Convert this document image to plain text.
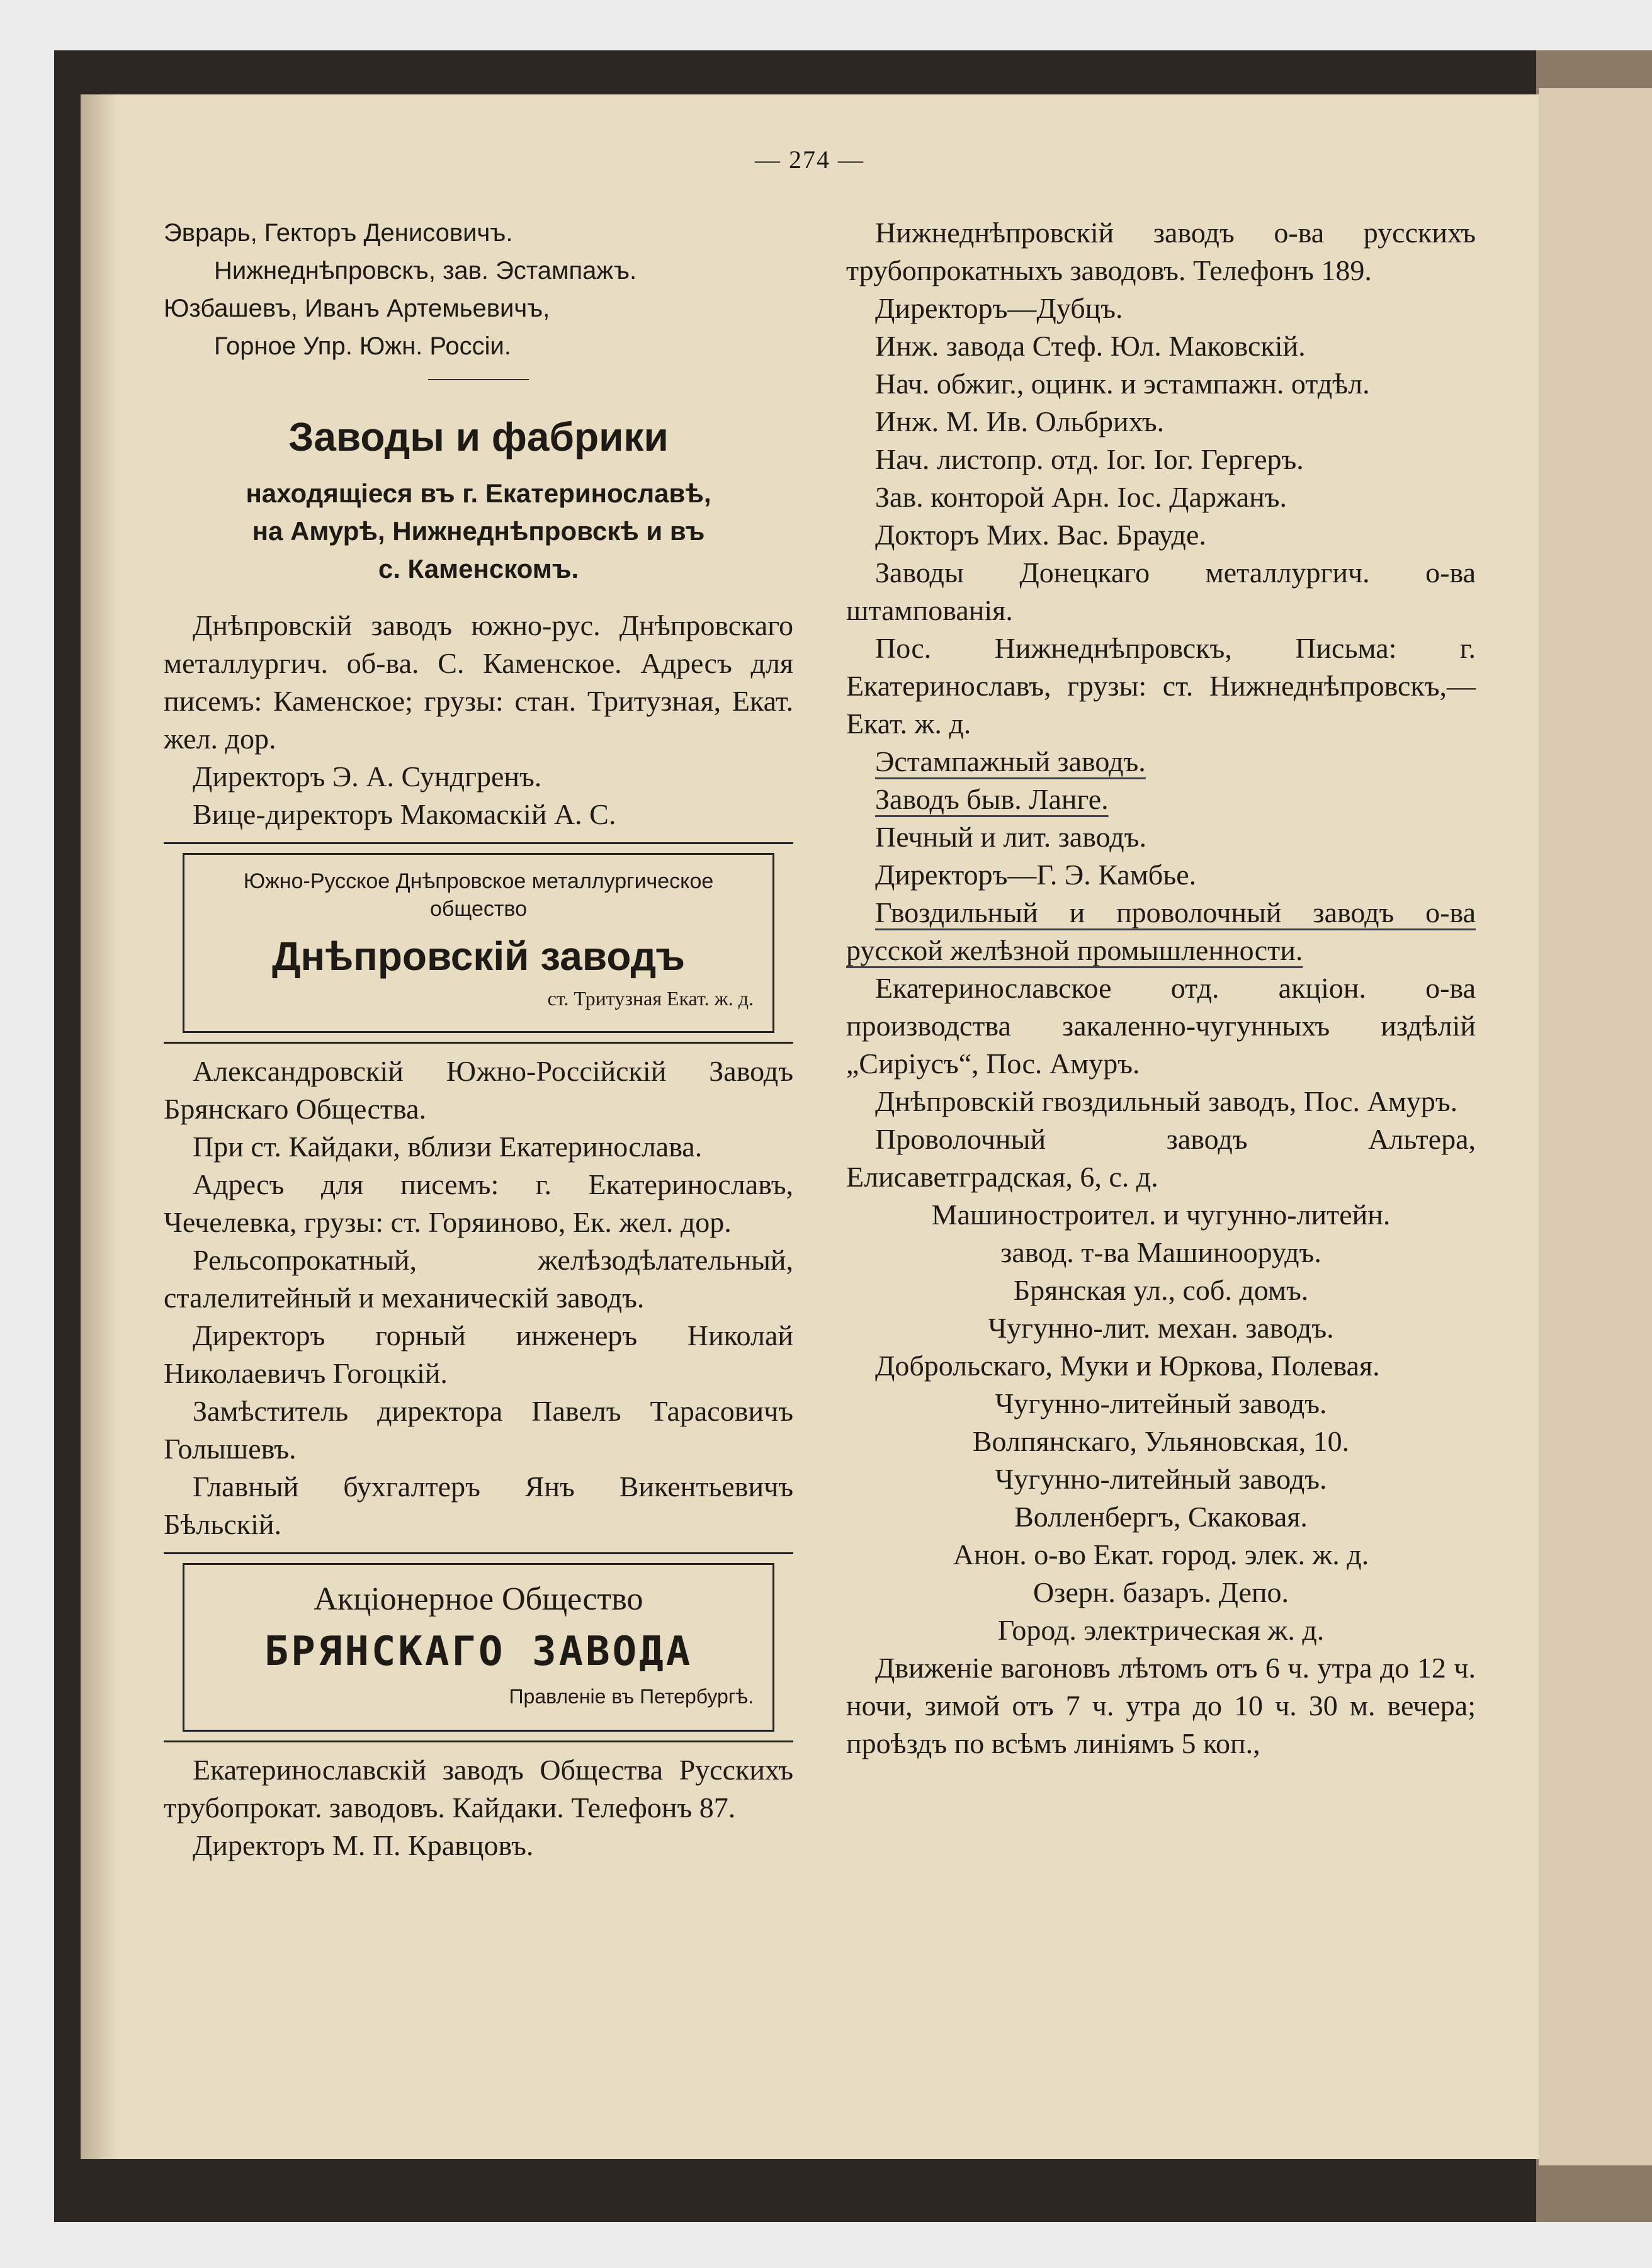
— 274 —

Эврарь, Гекторъ Денисовичъ.

Нижнеднѣпровскъ, зав. Эстампажъ.

Юзбашевъ, Иванъ Артемьевичъ,

Горное Упр. Южн. Россіи.

Заводы и фабрики
находящіеся въ г. Екатеринославѣ,
на Амурѣ, Нижнеднѣпровскѣ и въ
с. Каменскомъ.

Днѣпровскій заводъ южно-рус. Днѣпровскаго металлургич. об-ва. С. Каменское. Адресъ для писемъ: Каменское; грузы: стан. Тритузная, Екат. жел. дор.

Директоръ Э. А. Сундгренъ.

Вице-директоръ Макомаскій А. С.

Южно-Русское Днѣпровское металлургическое общество
Днѣпровскій заводъ
ст. Тритузная Екат. ж. д.

Александровскій Южно-Россійскій Заводъ Брянскаго Общества.

При ст. Кайдаки, вблизи Екатеринослава.

Адресъ для писемъ: г. Екатеринославъ, Чечелевка, грузы: ст. Горяиново, Ек. жел. дор.

Рельсопрокатный, желѣзодѣлательный, сталелитейный и механическій заводъ.

Директоръ горный инженеръ Николай Николаевичъ Гогоцкій.

Замѣститель директора Павелъ Тарасовичъ Голышевъ.

Главный бухгалтеръ Янъ Викентьевичъ Бѣльскій.

Акціонерное Общество
БРЯНСКАГО ЗАВОДА
Правленіе въ Петербургѣ.

Екатеринославскій заводъ Общества Русскихъ трубопрокат. заводовъ. Кайдаки. Телефонъ 87.

Директоръ М. П. Кравцовъ.

Нижнеднѣпровскій заводъ о-ва русскихъ трубопрокатныхъ заводовъ. Телефонъ 189.

Директоръ—Дубцъ.

Инж. завода Стеф. Юл. Маковскій.

Нач. обжиг., оцинк. и эстампажн. отдѣл.

Инж. М. Ив. Ольбрихъ.

Нач. листопр. отд. Іог. Іог. Гергеръ.

Зав. конторой Арн. Іос. Даржанъ.

Докторъ Мих. Вас. Брауде.

Заводы Донецкаго металлургич. о-ва штампованія.

Пос. Нижнеднѣпровскъ, Письма: г. Екатеринославъ, грузы: ст. Нижнеднѣпровскъ,—Екат. ж. д.

Эстампажный заводъ.

Заводъ быв. Ланге.

Печный и лит. заводъ.

Директоръ—Г. Э. Камбье.

Гвоздильный и проволочный заводъ о-ва русской желѣзной промышленности.

Екатеринославское отд. акціон. о-ва производства закаленно-чугунныхъ издѣлій „Сиріусъ“, Пос. Амуръ.

Днѣпровскій гвоздильный заводъ, Пос. Амуръ.

Проволочный заводъ Альтера, Елисаветградская, 6, с. д.

Машиностроител. и чугунно-литейн.

завод. т-ва Машиноорудъ.

Брянская ул., соб. домъ.

Чугунно-лит. механ. заводъ.

Доброльскаго, Муки и Юркова, Полевая.

Чугунно-литейный заводъ.

Волпянскаго, Ульяновская, 10.

Чугунно-литейный заводъ.

Волленбергъ, Скаковая.

Анон. о-во Екат. город. элек. ж. д.

Озерн. базаръ. Депо.

Город. электрическая ж. д.

Движеніе вагоновъ лѣтомъ отъ 6 ч. утра до 12 ч. ночи, зимой отъ 7 ч. утра до 10 ч. 30 м. вечера; проѣздъ по всѣмъ линіямъ 5 коп.,
